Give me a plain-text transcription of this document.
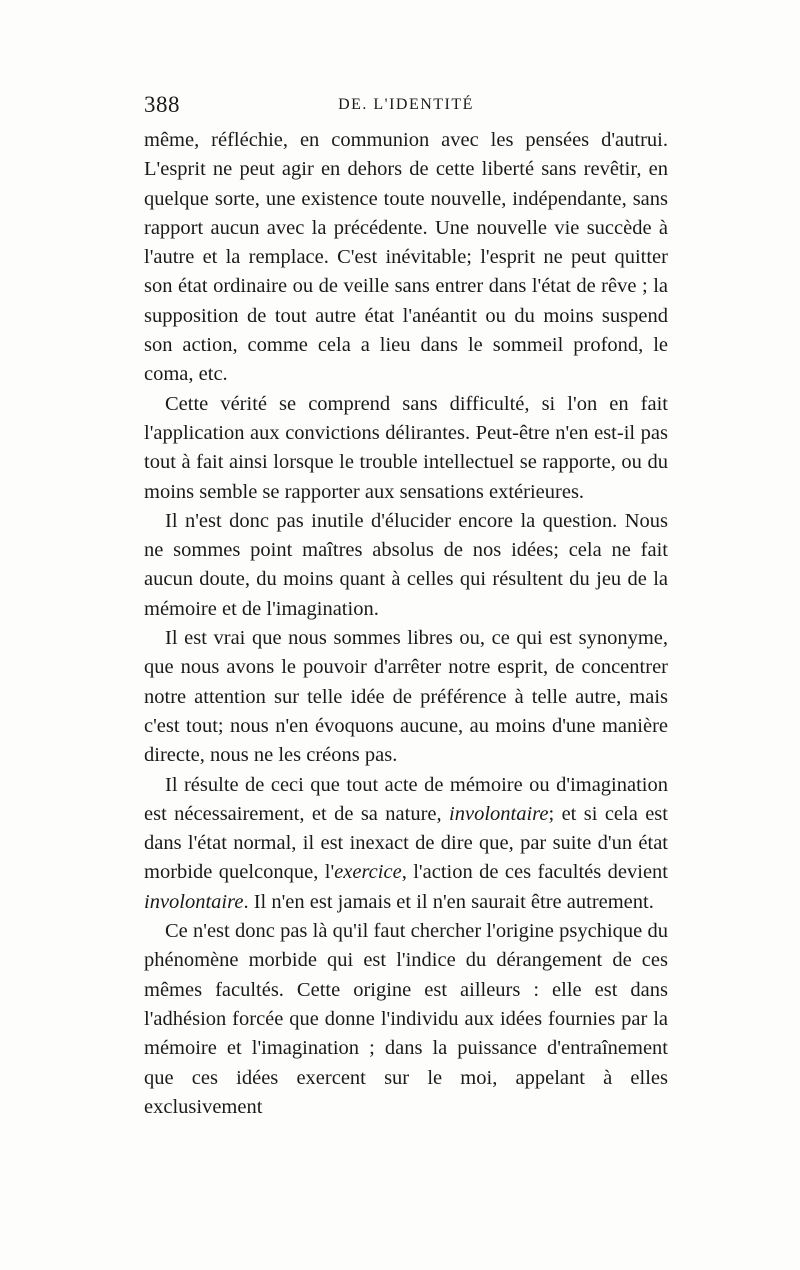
388	DE. L'IDENTITÉ

même, réfléchie, en communion avec les pensées d'autrui. L'esprit ne peut agir en dehors de cette liberté sans revêtir, en quelque sorte, une existence toute nouvelle, indépendante, sans rapport aucun avec la précédente. Une nouvelle vie succède à l'autre et la remplace. C'est inévitable; l'esprit ne peut quitter son état ordinaire ou de veille sans entrer dans l'état de rêve ; la supposition de tout autre état l'anéantit ou du moins suspend son action, comme cela a lieu dans le sommeil profond, le coma, etc.

Cette vérité se comprend sans difficulté, si l'on en fait l'application aux convictions délirantes. Peut-être n'en est-il pas tout à fait ainsi lorsque le trouble intellectuel se rapporte, ou du moins semble se rapporter aux sensations extérieures.

Il n'est donc pas inutile d'élucider encore la question. Nous ne sommes point maîtres absolus de nos idées; cela ne fait aucun doute, du moins quant à celles qui résultent du jeu de la mémoire et de l'imagination.

Il est vrai que nous sommes libres ou, ce qui est synonyme, que nous avons le pouvoir d'arrêter notre esprit, de concentrer notre attention sur telle idée de préférence à telle autre, mais c'est tout; nous n'en évoquons aucune, au moins d'une manière directe, nous ne les créons pas.

Il résulte de ceci que tout acte de mémoire ou d'imagination est nécessairement, et de sa nature, involontaire; et si cela est dans l'état normal, il est inexact de dire que, par suite d'un état morbide quelconque, l'exercice, l'action de ces facultés devient involontaire. Il n'en est jamais et il n'en saurait être autrement.

Ce n'est donc pas là qu'il faut chercher l'origine psychique du phénomène morbide qui est l'indice du dérangement de ces mêmes facultés. Cette origine est ailleurs : elle est dans l'adhésion forcée que donne l'individu aux idées fournies par la mémoire et l'imagination ; dans la puissance d'entraînement que ces idées exercent sur le moi, appelant à elles exclusivement
